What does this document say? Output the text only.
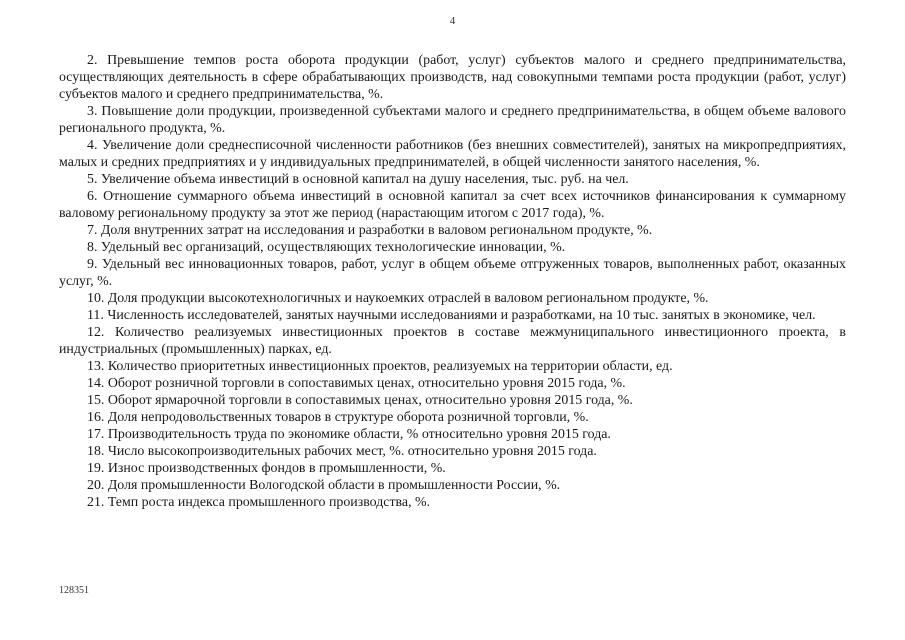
4

2. Превышение темпов роста оборота продукции (работ, услуг) субъектов малого и среднего предпринимательства, осуществляющих деятельность в сфере обрабатывающих производств, над совокупными темпами роста продукции (работ, услуг) субъектов малого и среднего предпринимательства, %.

3. Повышение доли продукции, произведенной субъектами малого и среднего предпринимательства, в общем объеме валового регионального продукта, %.

4. Увеличение доли среднесписочной численности работников (без внешних совместителей), занятых на микропредприятиях, малых и средних предприятиях и у индивидуальных предпринимателей, в общей численности занятого населения, %.

5. Увеличение объема инвестиций в основной капитал на душу населения, тыс. руб. на чел.

6. Отношение суммарного объема инвестиций в основной капитал за счет всех источников финансирования к суммарному валовому региональному продукту за этот же период (нарастающим итогом с 2017 года), %.

7. Доля внутренних затрат на исследования и разработки в валовом региональном продукте, %.

8. Удельный вес организаций, осуществляющих технологические инновации, %.

9. Удельный вес инновационных товаров, работ, услуг в общем объеме отгруженных товаров, выполненных работ, оказанных услуг, %.

10. Доля продукции высокотехнологичных и наукоемких отраслей в валовом региональном продукте, %.

11. Численность исследователей, занятых научными исследованиями и разработками, на 10 тыс. занятых в экономике, чел.

12. Количество реализуемых инвестиционных проектов в составе межмуниципального инвестиционного проекта, в индустриальных (промышленных) парках, ед.

13. Количество приоритетных инвестиционных проектов, реализуемых на территории области, ед.

14. Оборот розничной торговли в сопоставимых ценах, относительно уровня 2015 года, %.

15. Оборот ярмарочной торговли в сопоставимых ценах, относительно уровня 2015 года, %.

16. Доля непродовольственных товаров в структуре оборота розничной торговли, %.

17. Производительность труда по экономике области, % относительно уровня 2015 года.

18. Число высокопроизводительных рабочих мест, %. относительно уровня 2015 года.

19. Износ производственных фондов в промышленности, %.

20. Доля промышленности Вологодской области в промышленности России, %.

21. Темп роста индекса промышленного производства, %.

128351
